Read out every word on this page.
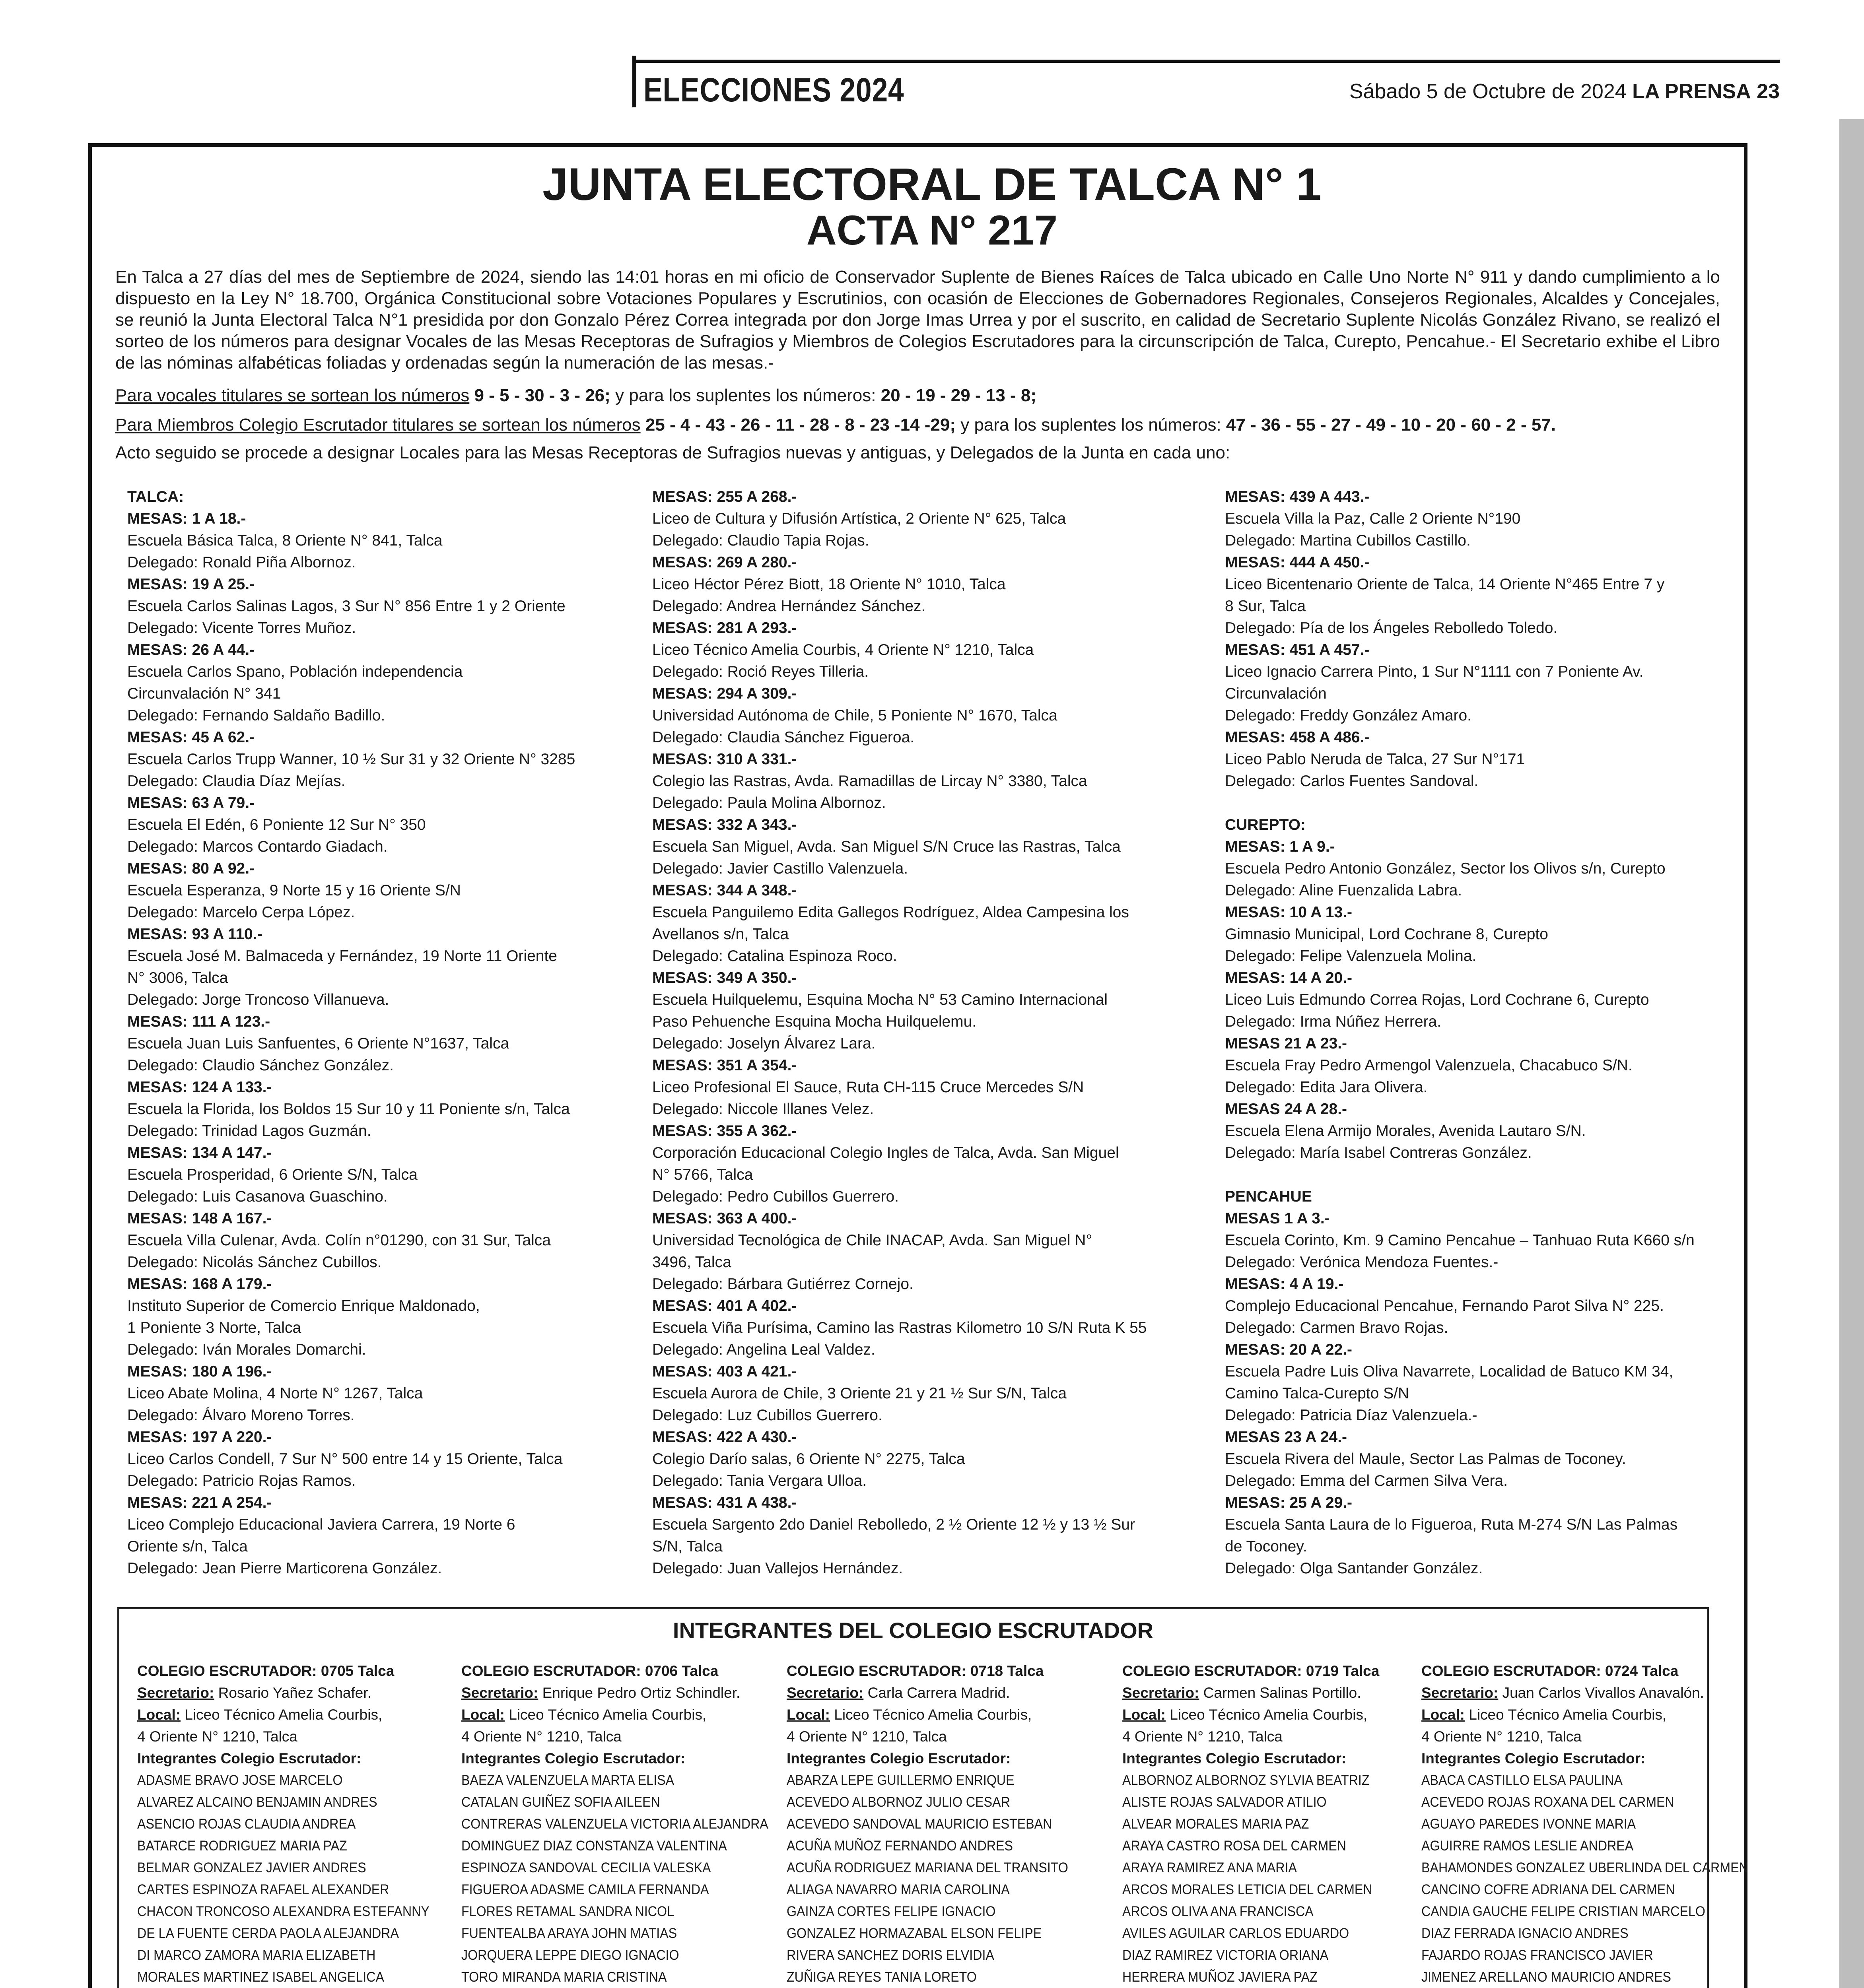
ELECCIONES 2024	Sábado 5 de Octubre de 2024 LA PRENSA 23
JUNTA ELECTORAL DE TALCA N° 1
ACTA N° 217

En Talca a 27 días del mes de Septiembre de 2024, siendo las 14:01 horas en mi oficio de Conservador Suplente de Bienes Raíces de Talca ubicado en Calle Uno Norte N° 911 y dando cumplimiento a lo dispuesto en la Ley N° 18.700, Orgánica Constitucional sobre Votaciones Populares y Escrutinios, con ocasión de Elecciones de Gobernadores Regionales, Consejeros Regionales, Alcaldes y Concejales, se reunió la Junta Electoral Talca N°1 presidida por don Gonzalo Pérez Correa integrada por don Jorge Imas Urrea y por el suscrito, en calidad de Secretario Suplente Nicolás González Rivano, se realizó el sorteo de los números para designar Vocales de las Mesas Receptoras de Sufragios y Miembros de Colegios Escrutadores para la circunscripción de Talca, Curepto, Pencahue.- El Secretario exhibe el Libro de las nóminas alfabéticas foliadas y ordenadas según la numeración de las mesas.-

Para vocales titulares se sortean los números 9 - 5 - 30 - 3 - 26; y para los suplentes los números: 20 - 19 - 29 - 13 - 8;

Para Miembros Colegio Escrutador titulares se sortean los números 25 - 4 - 43 - 26 - 11 - 28 - 8 - 23 -14 -29; y para los suplentes los números: 47 - 36 - 55 - 27 - 49 - 10 - 20 - 60 - 2 - 57.

Acto seguido se procede a designar Locales para las Mesas Receptoras de Sufragios nuevas y antiguas, y Delegados de la Junta en cada uno:

TALCA:
MESAS: 1 A 18.-
Escuela Básica Talca, 8 Oriente N° 841, Talca
Delegado: Ronald Piña Albornoz.
MESAS: 19 A 25.-
Escuela Carlos Salinas Lagos, 3 Sur N° 856 Entre 1 y 2 Oriente
Delegado: Vicente Torres Muñoz.
MESAS: 26 A 44.-
Escuela Carlos Spano, Población independencia
Circunvalación N° 341
Delegado: Fernando Saldaño Badillo.
MESAS: 45 A 62.-
Escuela Carlos Trupp Wanner, 10 ½ Sur 31 y 32 Oriente N° 3285
Delegado: Claudia Díaz Mejías.
MESAS: 63 A 79.-
Escuela El Edén, 6 Poniente 12 Sur N° 350
Delegado: Marcos Contardo Giadach.
MESAS: 80 A 92.-
Escuela Esperanza, 9 Norte 15 y 16 Oriente S/N
Delegado: Marcelo Cerpa López.
MESAS: 93 A 110.-
Escuela José M. Balmaceda y Fernández, 19 Norte 11 Oriente
N° 3006, Talca
Delegado: Jorge Troncoso Villanueva.
MESAS: 111 A 123.-
Escuela Juan Luis Sanfuentes, 6 Oriente N°1637, Talca
Delegado: Claudio Sánchez González.
MESAS: 124 A 133.-
Escuela la Florida, los Boldos 15 Sur 10 y 11 Poniente s/n, Talca
Delegado: Trinidad Lagos Guzmán.
MESAS: 134 A 147.-
Escuela Prosperidad, 6 Oriente S/N, Talca
Delegado: Luis Casanova Guaschino.
MESAS: 148 A 167.-
Escuela Villa Culenar, Avda. Colín n°01290, con 31 Sur, Talca
Delegado: Nicolás Sánchez Cubillos.
MESAS: 168 A 179.-
Instituto Superior de Comercio Enrique Maldonado,
1 Poniente 3 Norte, Talca
Delegado: Iván Morales Domarchi.
MESAS: 180 A 196.-
Liceo Abate Molina, 4 Norte N° 1267, Talca
Delegado: Álvaro Moreno Torres.
MESAS: 197 A 220.-
Liceo Carlos Condell, 7 Sur N° 500 entre 14 y 15 Oriente, Talca
Delegado: Patricio Rojas Ramos.
MESAS: 221 A 254.-
Liceo Complejo Educacional Javiera Carrera, 19 Norte 6
Oriente s/n, Talca
Delegado: Jean Pierre Marticorena González.
MESAS: 255 A 268.-
Liceo de Cultura y Difusión Artística, 2 Oriente N° 625, Talca
Delegado: Claudio Tapia Rojas.
MESAS: 269 A 280.-
Liceo Héctor Pérez Biott, 18 Oriente N° 1010, Talca
Delegado: Andrea Hernández Sánchez.
MESAS: 281 A 293.-
Liceo Técnico Amelia Courbis, 4 Oriente N° 1210, Talca
Delegado: Roció Reyes Tilleria.
MESAS: 294 A 309.-
Universidad Autónoma de Chile, 5 Poniente N° 1670, Talca
Delegado: Claudia Sánchez Figueroa.
MESAS: 310 A 331.-
Colegio las Rastras, Avda. Ramadillas de Lircay N° 3380, Talca
Delegado: Paula Molina Albornoz.
MESAS: 332 A 343.-
Escuela San Miguel, Avda. San Miguel S/N Cruce las Rastras, Talca
Delegado: Javier Castillo Valenzuela.
MESAS: 344 A 348.-
Escuela Panguilemo Edita Gallegos Rodríguez, Aldea Campesina los
Avellanos s/n, Talca
Delegado: Catalina Espinoza Roco.
MESAS: 349 A 350.-
Escuela Huilquelemu, Esquina Mocha N° 53 Camino Internacional
Paso Pehuenche Esquina Mocha Huilquelemu.
Delegado: Joselyn Álvarez Lara.
MESAS: 351 A 354.-
Liceo Profesional El Sauce, Ruta CH-115 Cruce Mercedes S/N
Delegado: Niccole Illanes Velez.
MESAS: 355 A 362.-
Corporación Educacional Colegio Ingles de Talca, Avda. San Miguel
N° 5766, Talca
Delegado: Pedro Cubillos Guerrero.
MESAS: 363 A 400.-
Universidad Tecnológica de Chile INACAP, Avda. San Miguel N°
3496, Talca
Delegado: Bárbara Gutiérrez Cornejo.
MESAS: 401 A 402.-
Escuela Viña Purísima, Camino las Rastras Kilometro 10 S/N Ruta K 55
Delegado: Angelina Leal Valdez.
MESAS: 403 A 421.-
Escuela Aurora de Chile, 3 Oriente 21 y 21 ½ Sur S/N, Talca
Delegado: Luz Cubillos Guerrero.
MESAS: 422 A 430.-
Colegio Darío salas, 6 Oriente N° 2275, Talca
Delegado: Tania Vergara Ulloa.
MESAS: 431 A 438.-
Escuela Sargento 2do Daniel Rebolledo, 2 ½ Oriente 12 ½ y 13 ½ Sur
S/N, Talca
Delegado: Juan Vallejos Hernández.
MESAS: 439 A 443.-
Escuela Villa la Paz, Calle 2 Oriente N°190
Delegado: Martina Cubillos Castillo.
MESAS: 444 A 450.-
Liceo Bicentenario Oriente de Talca, 14 Oriente N°465 Entre 7 y
8 Sur, Talca
Delegado: Pía de los Ángeles Rebolledo Toledo.
MESAS: 451 A 457.-
Liceo Ignacio Carrera Pinto, 1 Sur N°1111 con 7 Poniente Av.
Circunvalación
Delegado: Freddy González Amaro.
MESAS: 458 A 486.-
Liceo Pablo Neruda de Talca, 27 Sur N°171
Delegado: Carlos Fuentes Sandoval.
CUREPTO:
MESAS: 1 A 9.-
Escuela Pedro Antonio González, Sector los Olivos s/n, Curepto
Delegado: Aline Fuenzalida Labra.
MESAS: 10 A 13.-
Gimnasio Municipal, Lord Cochrane 8, Curepto
Delegado: Felipe Valenzuela Molina.
MESAS: 14 A 20.-
Liceo Luis Edmundo Correa Rojas, Lord Cochrane 6, Curepto
Delegado: Irma Núñez Herrera.
MESAS 21 A 23.-
Escuela Fray Pedro Armengol Valenzuela, Chacabuco S/N.
Delegado: Edita Jara Olivera.
MESAS 24 A 28.-
Escuela Elena Armijo Morales, Avenida Lautaro S/N.
Delegado: María Isabel Contreras González.
PENCAHUE
MESAS 1 A 3.-
Escuela Corinto, Km. 9 Camino Pencahue – Tanhuao Ruta K660 s/n
Delegado: Verónica Mendoza Fuentes.-
MESAS: 4 A 19.-
Complejo Educacional Pencahue, Fernando Parot Silva N° 225.
Delegado: Carmen Bravo Rojas.
MESAS: 20 A 22.-
Escuela Padre Luis Oliva Navarrete, Localidad de Batuco KM 34,
Camino Talca-Curepto S/N
Delegado: Patricia Díaz Valenzuela.-
MESAS 23 A 24.-
Escuela Rivera del Maule, Sector Las Palmas de Toconey.
Delegado: Emma del Carmen Silva Vera.
MESAS: 25 A 29.-
Escuela Santa Laura de lo Figueroa, Ruta M-274 S/N Las Palmas
de Toconey.
Delegado: Olga Santander González.
INTEGRANTES DEL COLEGIO ESCRUTADOR
COLEGIO ESCRUTADOR: 0705 Talca
Secretario: Rosario Yañez Schafer.
Local: Liceo Técnico Amelia Courbis,
4 Oriente N° 1210, Talca
Integrantes Colegio Escrutador:
ADASME BRAVO JOSE MARCELO
ALVAREZ ALCAINO BENJAMIN ANDRES
ASENCIO ROJAS CLAUDIA ANDREA
BATARCE RODRIGUEZ MARIA PAZ
BELMAR GONZALEZ JAVIER ANDRES
CARTES ESPINOZA RAFAEL ALEXANDER
CHACON TRONCOSO ALEXANDRA ESTEFANNY
DE LA FUENTE CERDA PAOLA ALEJANDRA
DI MARCO ZAMORA MARIA ELIZABETH
MORALES MARTINEZ ISABEL ANGELICA
COLEGIO ESCRUTADOR: 0706 Talca
Secretario: Enrique Pedro Ortiz Schindler.
Local: Liceo Técnico Amelia Courbis,
4 Oriente N° 1210, Talca
Integrantes Colegio Escrutador:
BAEZA VALENZUELA MARTA ELISA
CATALAN GUIÑEZ SOFIA AILEEN
CONTRERAS VALENZUELA VICTORIA ALEJANDRA
DOMINGUEZ DIAZ CONSTANZA VALENTINA
ESPINOZA SANDOVAL CECILIA VALESKA
FIGUEROA ADASME CAMILA FERNANDA
FLORES RETAMAL SANDRA NICOL
FUENTEALBA ARAYA JOHN MATIAS
JORQUERA LEPPE DIEGO IGNACIO
TORO MIRANDA MARIA CRISTINA
COLEGIO ESCRUTADOR: 0718 Talca
Secretario: Carla Carrera Madrid.
Local: Liceo Técnico Amelia Courbis,
4 Oriente N° 1210, Talca
Integrantes Colegio Escrutador:
ABARZA LEPE GUILLERMO ENRIQUE
ACEVEDO ALBORNOZ JULIO CESAR
ACEVEDO SANDOVAL MAURICIO ESTEBAN
ACUÑA MUÑOZ FERNANDO ANDRES
ACUÑA RODRIGUEZ MARIANA DEL TRANSITO
ALIAGA NAVARRO MARIA CAROLINA
GAINZA CORTES FELIPE IGNACIO
GONZALEZ HORMAZABAL ELSON FELIPE
RIVERA SANCHEZ DORIS ELVIDIA
ZUÑIGA REYES TANIA LORETO
COLEGIO ESCRUTADOR: 0719 Talca
Secretario: Carmen Salinas Portillo.
Local: Liceo Técnico Amelia Courbis,
4 Oriente N° 1210, Talca
Integrantes Colegio Escrutador:
ALBORNOZ ALBORNOZ SYLVIA BEATRIZ
ALISTE ROJAS SALVADOR ATILIO
ALVEAR MORALES MARIA PAZ
ARAYA CASTRO ROSA DEL CARMEN
ARAYA RAMIREZ ANA MARIA
ARCOS MORALES LETICIA DEL CARMEN
ARCOS OLIVA ANA FRANCISCA
AVILES AGUILAR CARLOS EDUARDO
DIAZ RAMIREZ VICTORIA ORIANA
HERRERA MUÑOZ JAVIERA PAZ
COLEGIO ESCRUTADOR: 0724 Talca
Secretario: Juan Carlos Vivallos Anavalón.
Local: Liceo Técnico Amelia Courbis,
4 Oriente N° 1210, Talca
Integrantes Colegio Escrutador:
ABACA CASTILLO ELSA PAULINA
ACEVEDO ROJAS ROXANA DEL CARMEN
AGUAYO PAREDES IVONNE MARIA
AGUIRRE RAMOS LESLIE ANDREA
BAHAMONDES GONZALEZ UBERLINDA DEL CARMEN
CANCINO COFRE ADRIANA DEL CARMEN
CANDIA GAUCHE FELIPE CRISTIAN MARCELO
DIAZ FERRADA IGNACIO ANDRES
FAJARDO ROJAS FRANCISCO JAVIER
JIMENEZ ARELLANO MAURICIO ANDRES
